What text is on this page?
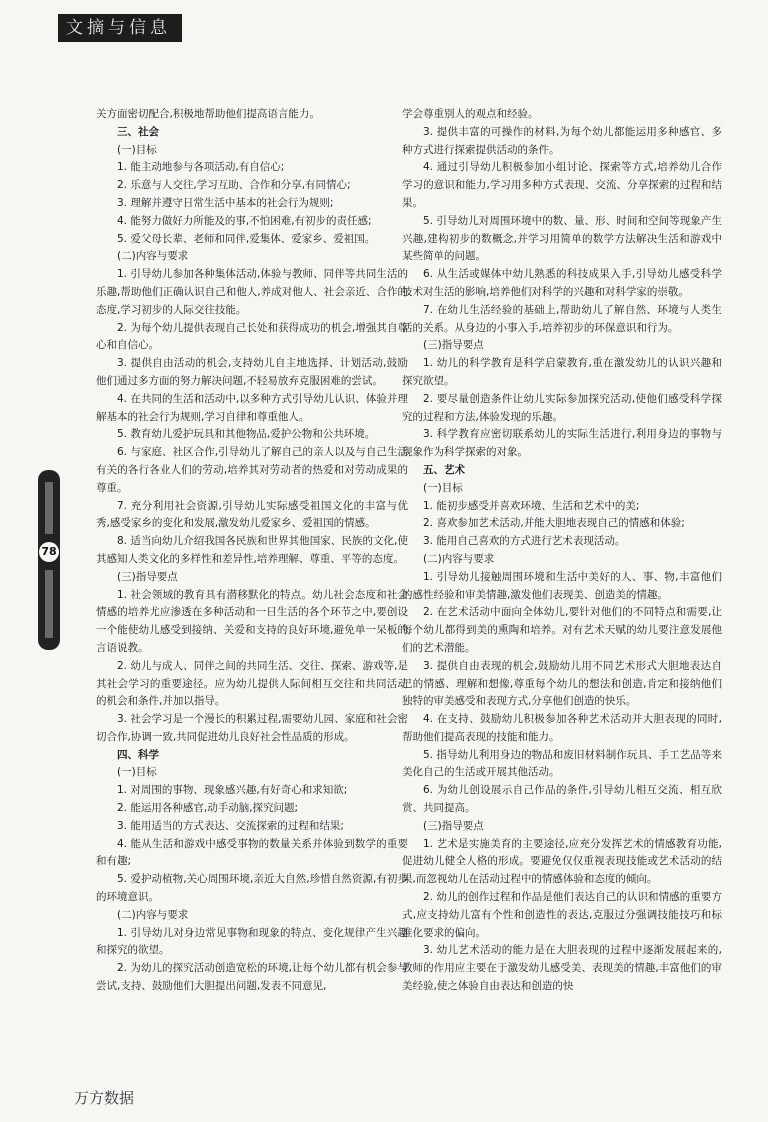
文摘与信息

关方面密切配合,积极地帮助他们提高语言能力。

三、社会

(一)目标

1. 能主动地参与各项活动,有自信心;

2. 乐意与人交往,学习互助、合作和分享,有同情心;

3. 理解并遵守日常生活中基本的社会行为规则;

4. 能努力做好力所能及的事,不怕困难,有初步的责任感;

5. 爱父母长辈、老师和同伴,爱集体、爱家乡、爱祖国。

(二)内容与要求

1. 引导幼儿参加各种集体活动,体验与教师、同伴等共同生活的乐趣,帮助他们正确认识自己和他人,养成对他人、社会亲近、合作的态度,学习初步的人际交往技能。

2. 为每个幼儿提供表现自己长处和获得成功的机会,增强其自尊心和自信心。

3. 提供自由活动的机会,支持幼儿自主地选择、计划活动,鼓励他们通过多方面的努力解决问题,不轻易放弃克服困难的尝试。

4. 在共同的生活和活动中,以多种方式引导幼儿认识、体验并理解基本的社会行为规则,学习自律和尊重他人。

5. 教育幼儿爱护玩具和其他物品,爱护公物和公共环境。

6. 与家庭、社区合作,引导幼儿了解自己的亲人以及与自己生活有关的各行各业人们的劳动,培养其对劳动者的热爱和对劳动成果的尊重。

7. 充分利用社会资源,引导幼儿实际感受祖国文化的丰富与优秀,感受家乡的变化和发展,激发幼儿爱家乡、爱祖国的情感。

8. 适当向幼儿介绍我国各民族和世界其他国家、民族的文化,使其感知人类文化的多样性和差异性,培养理解、尊重、平等的态度。

(三)指导要点

1. 社会领域的教育具有潜移默化的特点。幼儿社会态度和社会情感的培养尤应渗透在多种活动和一日生活的各个环节之中,要创设一个能使幼儿感受到接纳、关爱和支持的良好环境,避免单一呆板的言语说教。

2. 幼儿与成人、同伴之间的共同生活、交往、探索、游戏等,是其社会学习的重要途径。应为幼儿提供人际间相互交往和共同活动的机会和条件,并加以指导。

3. 社会学习是一个漫长的积累过程,需要幼儿园、家庭和社会密切合作,协调一致,共同促进幼儿良好社会性品质的形成。

四、科学

(一)目标

1. 对周围的事物、现象感兴趣,有好奇心和求知欲;

2. 能运用各种感官,动手动脑,探究问题;

3. 能用适当的方式表达、交流探索的过程和结果;

4. 能从生活和游戏中感受事物的数量关系并体验到数学的重要和有趣;

5. 爱护动植物,关心周围环境,亲近大自然,珍惜自然资源,有初步的环境意识。

(二)内容与要求

1. 引导幼儿对身边常见事物和现象的特点、变化规律产生兴趣和探究的欲望。

2. 为幼儿的探究活动创造宽松的环境,让每个幼儿都有机会参与尝试,支持、鼓励他们大胆提出问题,发表不同意见,

学会尊重别人的观点和经验。

3. 提供丰富的可操作的材料,为每个幼儿都能运用多种感官、多种方式进行探索提供活动的条件。

4. 通过引导幼儿积极参加小组讨论、探索等方式,培养幼儿合作学习的意识和能力,学习用多种方式表现、交流、分享探索的过程和结果。

5. 引导幼儿对周围环境中的数、量、形、时间和空间等现象产生兴趣,建构初步的数概念,并学习用简单的数学方法解决生活和游戏中某些简单的问题。

6. 从生活或媒体中幼儿熟悉的科技成果入手,引导幼儿感受科学技术对生活的影响,培养他们对科学的兴趣和对科学家的崇敬。

7. 在幼儿生活经验的基础上,帮助幼儿了解自然、环境与人类生活的关系。从身边的小事入手,培养初步的环保意识和行为。

(三)指导要点

1. 幼儿的科学教育是科学启蒙教育,重在激发幼儿的认识兴趣和探究欲望。

2. 要尽量创造条件让幼儿实际参加探究活动,使他们感受科学探究的过程和方法,体验发现的乐趣。

3. 科学教育应密切联系幼儿的实际生活进行,利用身边的事物与现象作为科学探索的对象。

五、艺术

(一)目标

1. 能初步感受并喜欢环境、生活和艺术中的美;

2. 喜欢参加艺术活动,并能大胆地表现自己的情感和体验;

3. 能用自己喜欢的方式进行艺术表现活动。

(二)内容与要求

1. 引导幼儿接触周围环境和生活中美好的人、事、物,丰富他们的感性经验和审美情趣,激发他们表现美、创造美的情趣。

2. 在艺术活动中面向全体幼儿,要针对他们的不同特点和需要,让每个幼儿都得到美的熏陶和培养。对有艺术天赋的幼儿要注意发展他们的艺术潜能。

3. 提供自由表现的机会,鼓励幼儿用不同艺术形式大胆地表达自己的情感、理解和想像,尊重每个幼儿的想法和创造,肯定和接纳他们独特的审美感受和表现方式,分享他们创造的快乐。

4. 在支持、鼓励幼儿积极参加各种艺术活动并大胆表现的同时,帮助他们提高表现的技能和能力。

5. 指导幼儿利用身边的物品和废旧材料制作玩具、手工艺品等来美化自己的生活或开展其他活动。

6. 为幼儿创设展示自己作品的条件,引导幼儿相互交流、相互欣赏、共同提高。

(三)指导要点

1. 艺术是实施美育的主要途径,应充分发挥艺术的情感教育功能,促进幼儿健全人格的形成。要避免仅仅重视表现技能或艺术活动的结果,而忽视幼儿在活动过程中的情感体验和态度的倾向。

2. 幼儿的创作过程和作品是他们表达自己的认识和情感的重要方式,应支持幼儿富有个性和创造性的表达,克服过分强调技能技巧和标准化要求的偏向。

3. 幼儿艺术活动的能力是在大胆表现的过程中逐渐发展起来的,教师的作用应主要在于激发幼儿感受美、表现美的情趣,丰富他们的审美经验,使之体验自由表达和创造的快

78
万方数据
